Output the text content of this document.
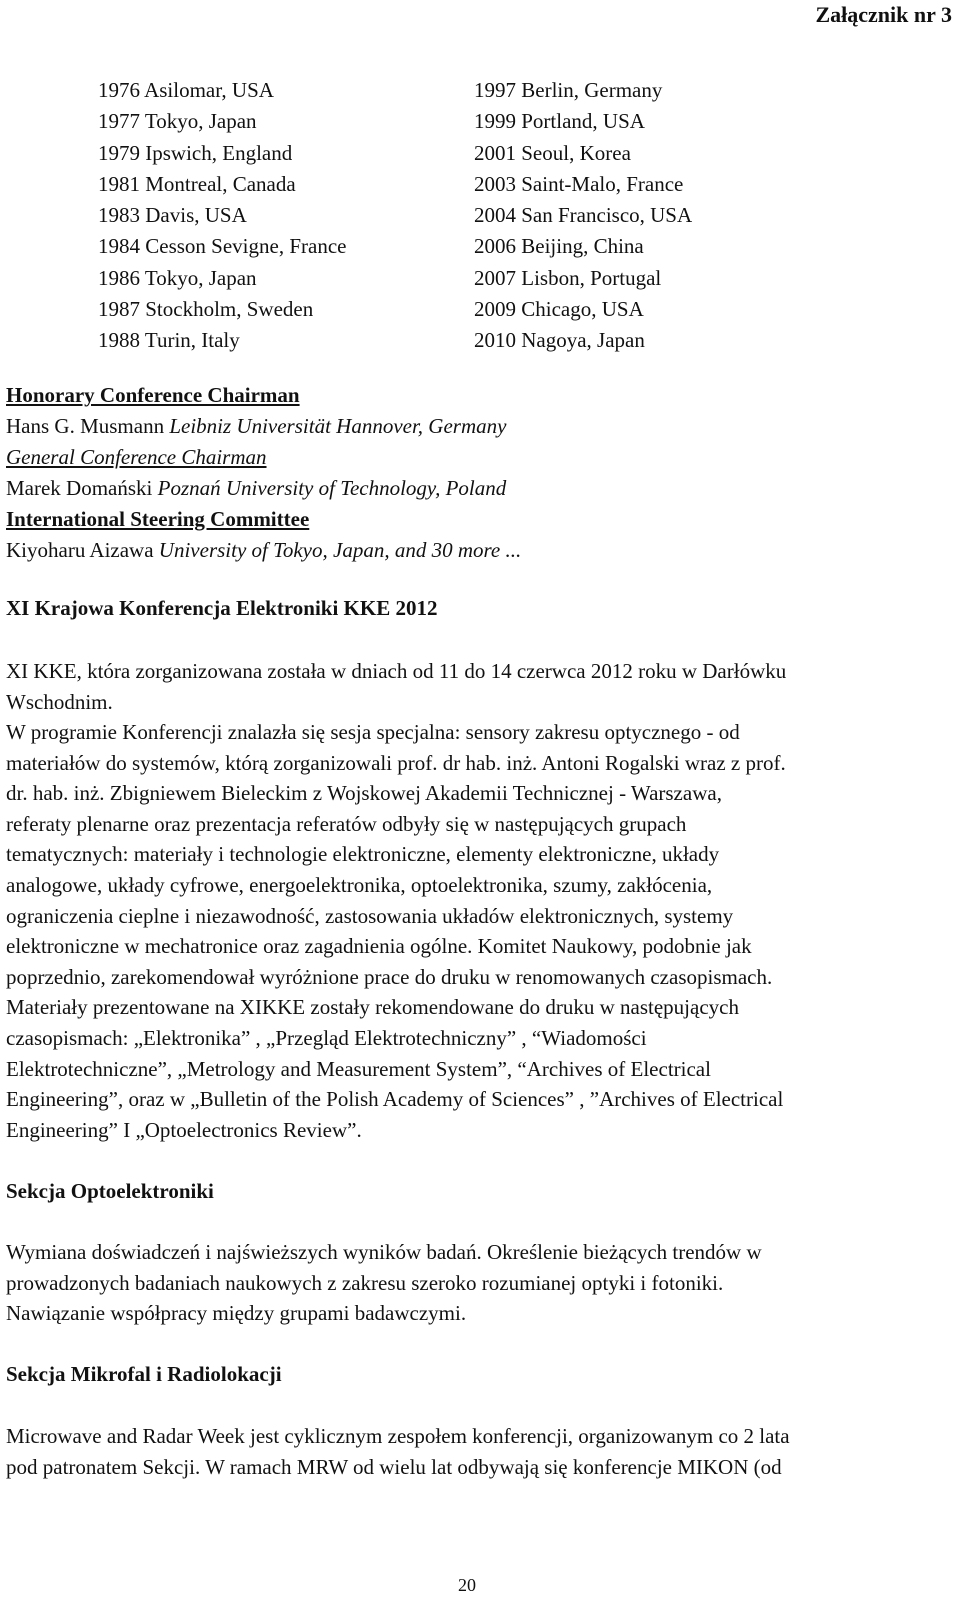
Załącznik nr 3
1976 Asilomar, USA
1977 Tokyo, Japan
1979 Ipswich, England
1981 Montreal, Canada
1983 Davis, USA
1984 Cesson Sevigne, France
1986 Tokyo, Japan
1987 Stockholm, Sweden
1988 Turin, Italy
1997 Berlin, Germany
1999 Portland, USA
2001 Seoul, Korea
2003 Saint-Malo, France
2004 San Francisco, USA
2006 Beijing, China
2007 Lisbon, Portugal
2009 Chicago, USA
2010 Nagoya, Japan
Honorary Conference Chairman
Hans G. Musmann Leibniz Universität Hannover, Germany
General Conference Chairman
Marek Domański Poznań University of Technology, Poland
International Steering Committee
Kiyoharu Aizawa University of Tokyo, Japan, and 30 more ...
XI Krajowa Konferencja Elektroniki KKE 2012
XI KKE, która zorganizowana została w dniach od 11 do 14 czerwca 2012 roku w Darłówku
Wschodnim.
W programie Konferencji znalazła się sesja specjalna: sensory zakresu optycznego - od
materiałów do systemów, którą zorganizowali prof. dr hab. inż. Antoni Rogalski wraz z prof.
dr. hab. inż. Zbigniewem Bieleckim z Wojskowej Akademii Technicznej - Warszawa,
referaty plenarne oraz prezentacja referatów odbyły się w następujących grupach
tematycznych: materiały i technologie elektroniczne, elementy elektroniczne, układy
analogowe, układy cyfrowe, energoelektronika, optoelektronika, szumy, zakłócenia,
ograniczenia cieplne i niezawodność, zastosowania układów elektronicznych, systemy
elektroniczne w mechatronice oraz zagadnienia ogólne. Komitet Naukowy, podobnie jak
poprzednio, zarekomendował wyróżnione prace do druku w renomowanych czasopismach.
Materiały prezentowane na XIKKE zostały rekomendowane do druku w następujących
czasopismach: „Elektronika” , „Przegląd Elektrotechniczny” , “Wiadomości
Elektrotechniczne”, „Metrology and Measurement System”, “Archives of Electrical
Engineering”, oraz w „Bulletin of the Polish Academy of Sciences” , ”Archives of Electrical
Engineering” I „Optoelectronics Review”.
Sekcja Optoelektroniki
Wymiana doświadczeń i najświeższych wyników badań. Określenie bieżących trendów w
prowadzonych badaniach naukowych z zakresu szeroko rozumianej optyki i fotoniki.
Nawiązanie współpracy między grupami badawczymi.
Sekcja Mikrofal i Radiolokacji
Microwave and Radar Week jest cyklicznym zespołem konferencji, organizowanym co 2 lata
pod patronatem Sekcji. W ramach MRW od wielu lat odbywają się konferencje MIKON (od
20
